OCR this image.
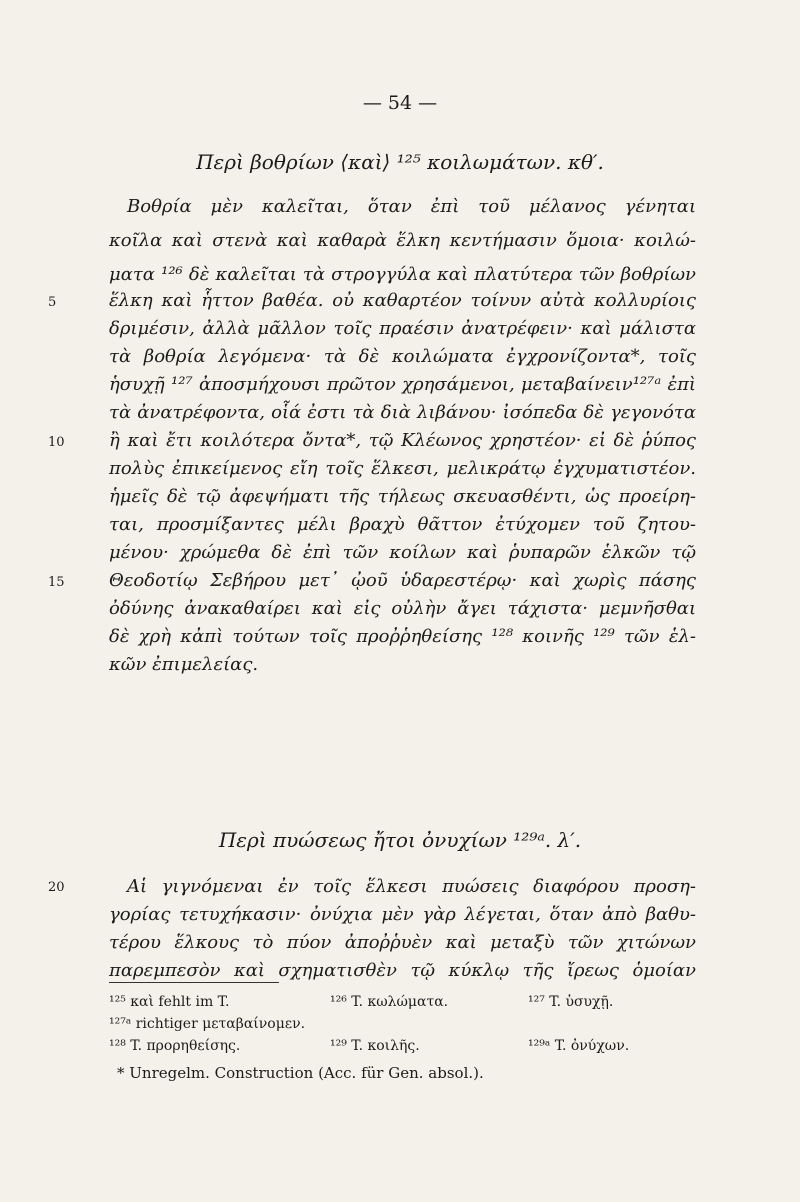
— 54 —
Περὶ βοθρίων ⟨καὶ⟩ ¹²⁵ κοιλωμάτων. κθ′.
Βοθρία μὲν καλεῖται, ὅταν ἐπὶ τοῦ μέλανος γένηται
κοῖλα καὶ στενὰ καὶ καθαρὰ ἕλκη κεντήμασιν ὅμοια· κοιλώ-
ματα ¹²⁶ δὲ καλεῖται τὰ στρογγύλα καὶ πλατύτερα τῶν βοθρίων
ἕλκη καὶ ἧττον βαθέα. οὐ καθαρτέον τοίνυν αὐτὰ κολλυρίοις
δριμέσιν, ἀλλὰ μᾶλλον τοῖς πραέσιν ἀνατρέφειν· καὶ μάλιστα
τὰ βοθρία λεγόμενα· τὰ δὲ κοιλώματα ἐγχρονίζοντα*, τοῖς
ἡσυχῇ ¹²⁷ ἀποσμήχουσι πρῶτον χρησάμενοι, μεταβαίνειν¹²⁷ᵃ ἐπὶ
τὰ ἀνατρέφοντα, οἷά ἐστι τὰ διὰ λιβάνου· ἰσόπεδα δὲ γεγονότα
ἢ καὶ ἔτι κοιλότερα ὄντα*, τῷ Κλέωνος χρηστέον· εἰ δὲ ῥύπος
πολὺς ἐπικείμενος εἴη τοῖς ἕλκεσι, μελικράτῳ ἐγχυματιστέον.
ἡμεῖς δὲ τῷ ἀφεψήματι τῆς τήλεως σκευασθέντι, ὡς προείρη-
ται, προσμίξαντες μέλι βραχὺ θᾶττον ἐτύχομεν τοῦ ζητου-
μένου· χρώμεθα δὲ ἐπὶ τῶν κοίλων καὶ ῥυπαρῶν ἑλκῶν τῷ
Θεοδοτίῳ Σεβήρου μετ᾽ ᾠοῦ ὑδαρεστέρῳ· καὶ χωρὶς πάσης
ὀδύνης ἀνακαθαίρει καὶ εἰς οὐλὴν ἄγει τάχιστα· μεμνῆσθαι
δὲ χρὴ κἀπὶ τούτων τοῖς προῤῥηθείσης ¹²⁸ κοινῆς ¹²⁹ τῶν ἑλ-
κῶν ἐπιμελείας.
5
10
15
Περὶ πυώσεως ἤτοι ὀνυχίων ¹²⁹ᵃ. λ′.
20	Αἱ γιγνόμεναι ἐν τοῖς ἕλκεσι πυώσεις διαφόρου προση-
γορίας τετυχήκασιν· ὀνύχια μὲν γὰρ λέγεται, ὅταν ἀπὸ βαθυ-
τέρου ἕλκους τὸ πύον ἀποῤῥυὲν καὶ μεταξὺ τῶν χιτώνων
παρεμπεσὸν καὶ σχηματισθὲν τῷ κύκλῳ τῆς ἴρεως ὁμοίαν
¹²⁵ καὶ fehlt im T.	¹²⁶ T. κωλώματα.	¹²⁷ T. ὑσυχῇ.
¹²⁷ᵃ richtiger μεταβαίνομεν.
¹²⁸ T. προρηθείσης.	¹²⁹ T. κοιλῆς.	¹²⁹ᵃ T. ὀνύχων.
* Unregelm. Construction (Acc. für Gen. absol.).
